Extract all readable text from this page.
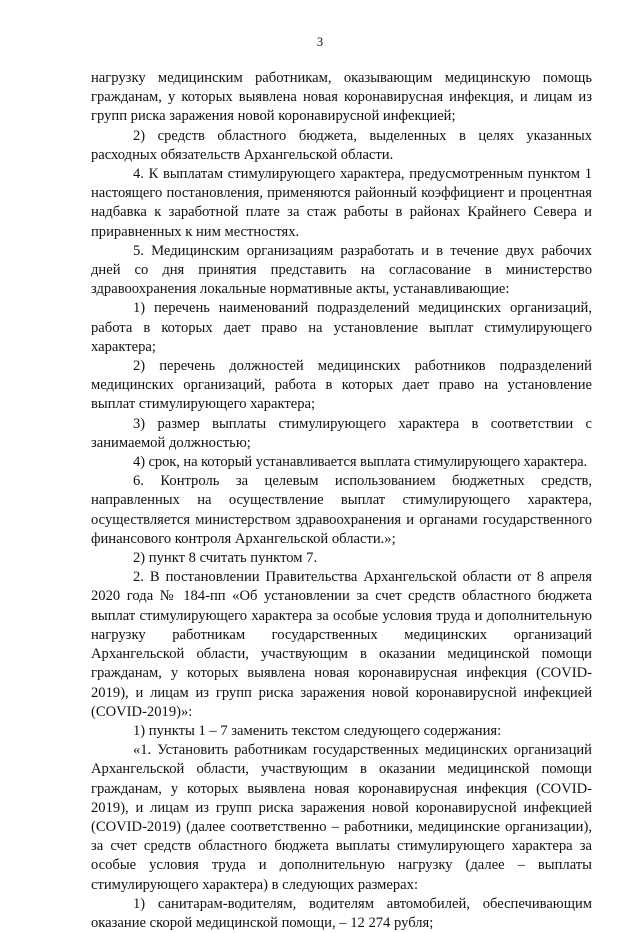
3

нагрузку медицинским работникам, оказывающим медицинскую помощь гражданам, у которых выявлена новая коронавирусная инфекция, и лицам из групп риска заражения новой коронавирусной инфекцией;

2) средств областного бюджета, выделенных в целях указанных расходных обязательств Архангельской области.

4. К выплатам стимулирующего характера, предусмотренным пунктом 1 настоящего постановления, применяются районный коэффициент и процентная надбавка к заработной плате за стаж работы в районах Крайнего Севера и приравненных к ним местностях.

5. Медицинским организациям разработать и в течение двух рабочих дней со дня принятия представить на согласование в министерство здравоохранения локальные нормативные акты, устанавливающие:

1) перечень наименований подразделений медицинских организаций, работа в которых дает право на установление выплат стимулирующего характера;

2) перечень должностей медицинских работников подразделений медицинских организаций, работа в которых дает право на установление выплат стимулирующего характера;

3) размер выплаты стимулирующего характера в соответствии с занимаемой должностью;

4) срок, на который устанавливается выплата стимулирующего характера.

6. Контроль за целевым использованием бюджетных средств, направленных на осуществление выплат стимулирующего характера, осуществляется министерством здравоохранения и органами государственного финансового контроля Архангельской области.»;

2) пункт 8 считать пунктом 7.

2. В постановлении Правительства Архангельской области от 8 апреля 2020 года № 184-пп «Об установлении за счет средств областного бюджета выплат стимулирующего характера за особые условия труда и дополнительную нагрузку работникам государственных медицинских организаций Архангельской области, участвующим в оказании медицинской помощи гражданам, у которых выявлена новая коронавирусная инфекция (COVID-2019), и лицам из групп риска заражения новой коронавирусной инфекцией (COVID-2019)»:

1) пункты 1 – 7 заменить текстом следующего содержания:

«1. Установить работникам государственных медицинских организаций Архангельской области, участвующим в оказании медицинской помощи гражданам, у которых выявлена новая коронавирусная инфекция (COVID-2019), и лицам из групп риска заражения новой коронавирусной инфекцией (COVID-2019) (далее соответственно – работники, медицинские организации), за счет средств областного бюджета выплаты стимулирующего характера за особые условия труда и дополнительную нагрузку (далее – выплаты стимулирующего характера) в следующих размерах:

1) санитарам-водителям, водителям автомобилей, обеспечивающим оказание скорой медицинской помощи, – 12 274 рубля;
